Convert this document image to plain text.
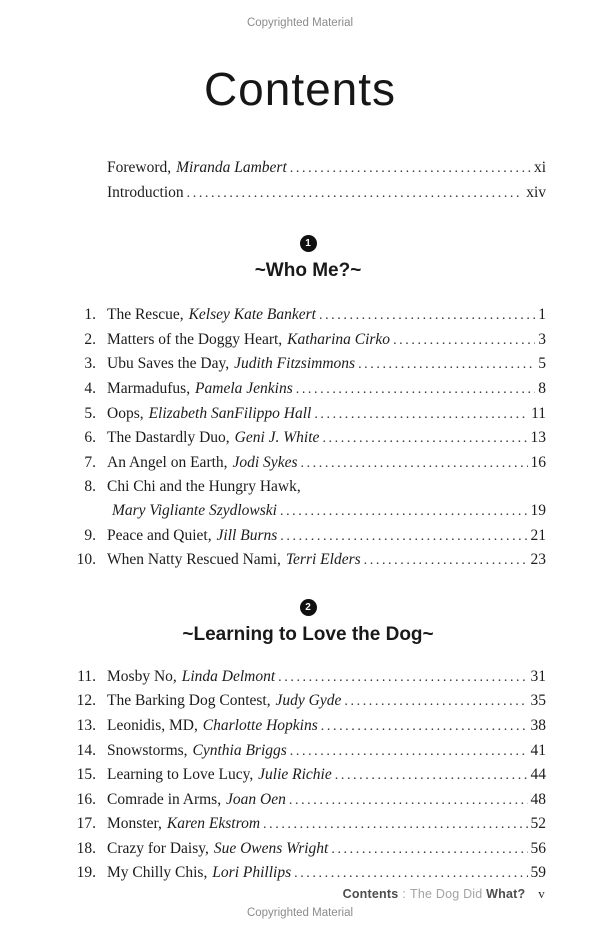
Copyrighted Material
Contents
Foreword, Miranda Lambert .....	xi
Introduction .....	xiv
1
~Who Me?~
1. The Rescue, Kelsey Kate Bankert .....	1
2. Matters of the Doggy Heart, Katharina Cirko .....	3
3. Ubu Saves the Day, Judith Fitzsimmons .....	5
4. Marmadufus, Pamela Jenkins .....	8
5. Oops, Elizabeth SanFilippo Hall .....	11
6. The Dastardly Duo, Geni J. White .....	13
7. An Angel on Earth, Jodi Sykes .....	16
8. Chi Chi and the Hungry Hawk,
Mary Vigliante Szydlowski .....	19
9. Peace and Quiet, Jill Burns .....	21
10. When Natty Rescued Nami, Terri Elders .....	23
2
~Learning to Love the Dog~
11. Mosby No, Linda Delmont .....	31
12. The Barking Dog Contest, Judy Gyde .....	35
13. Leonidis, MD, Charlotte Hopkins .....	38
14. Snowstorms, Cynthia Briggs .....	41
15. Learning to Love Lucy, Julie Richie .....	44
16. Comrade in Arms, Joan Oen .....	48
17. Monster, Karen Ekstrom .....	52
18. Crazy for Daisy, Sue Owens Wright .....	56
19. My Chilly Chis, Lori Phillips .....	59
Contents : The Dog Did What? v
Copyrighted Material
